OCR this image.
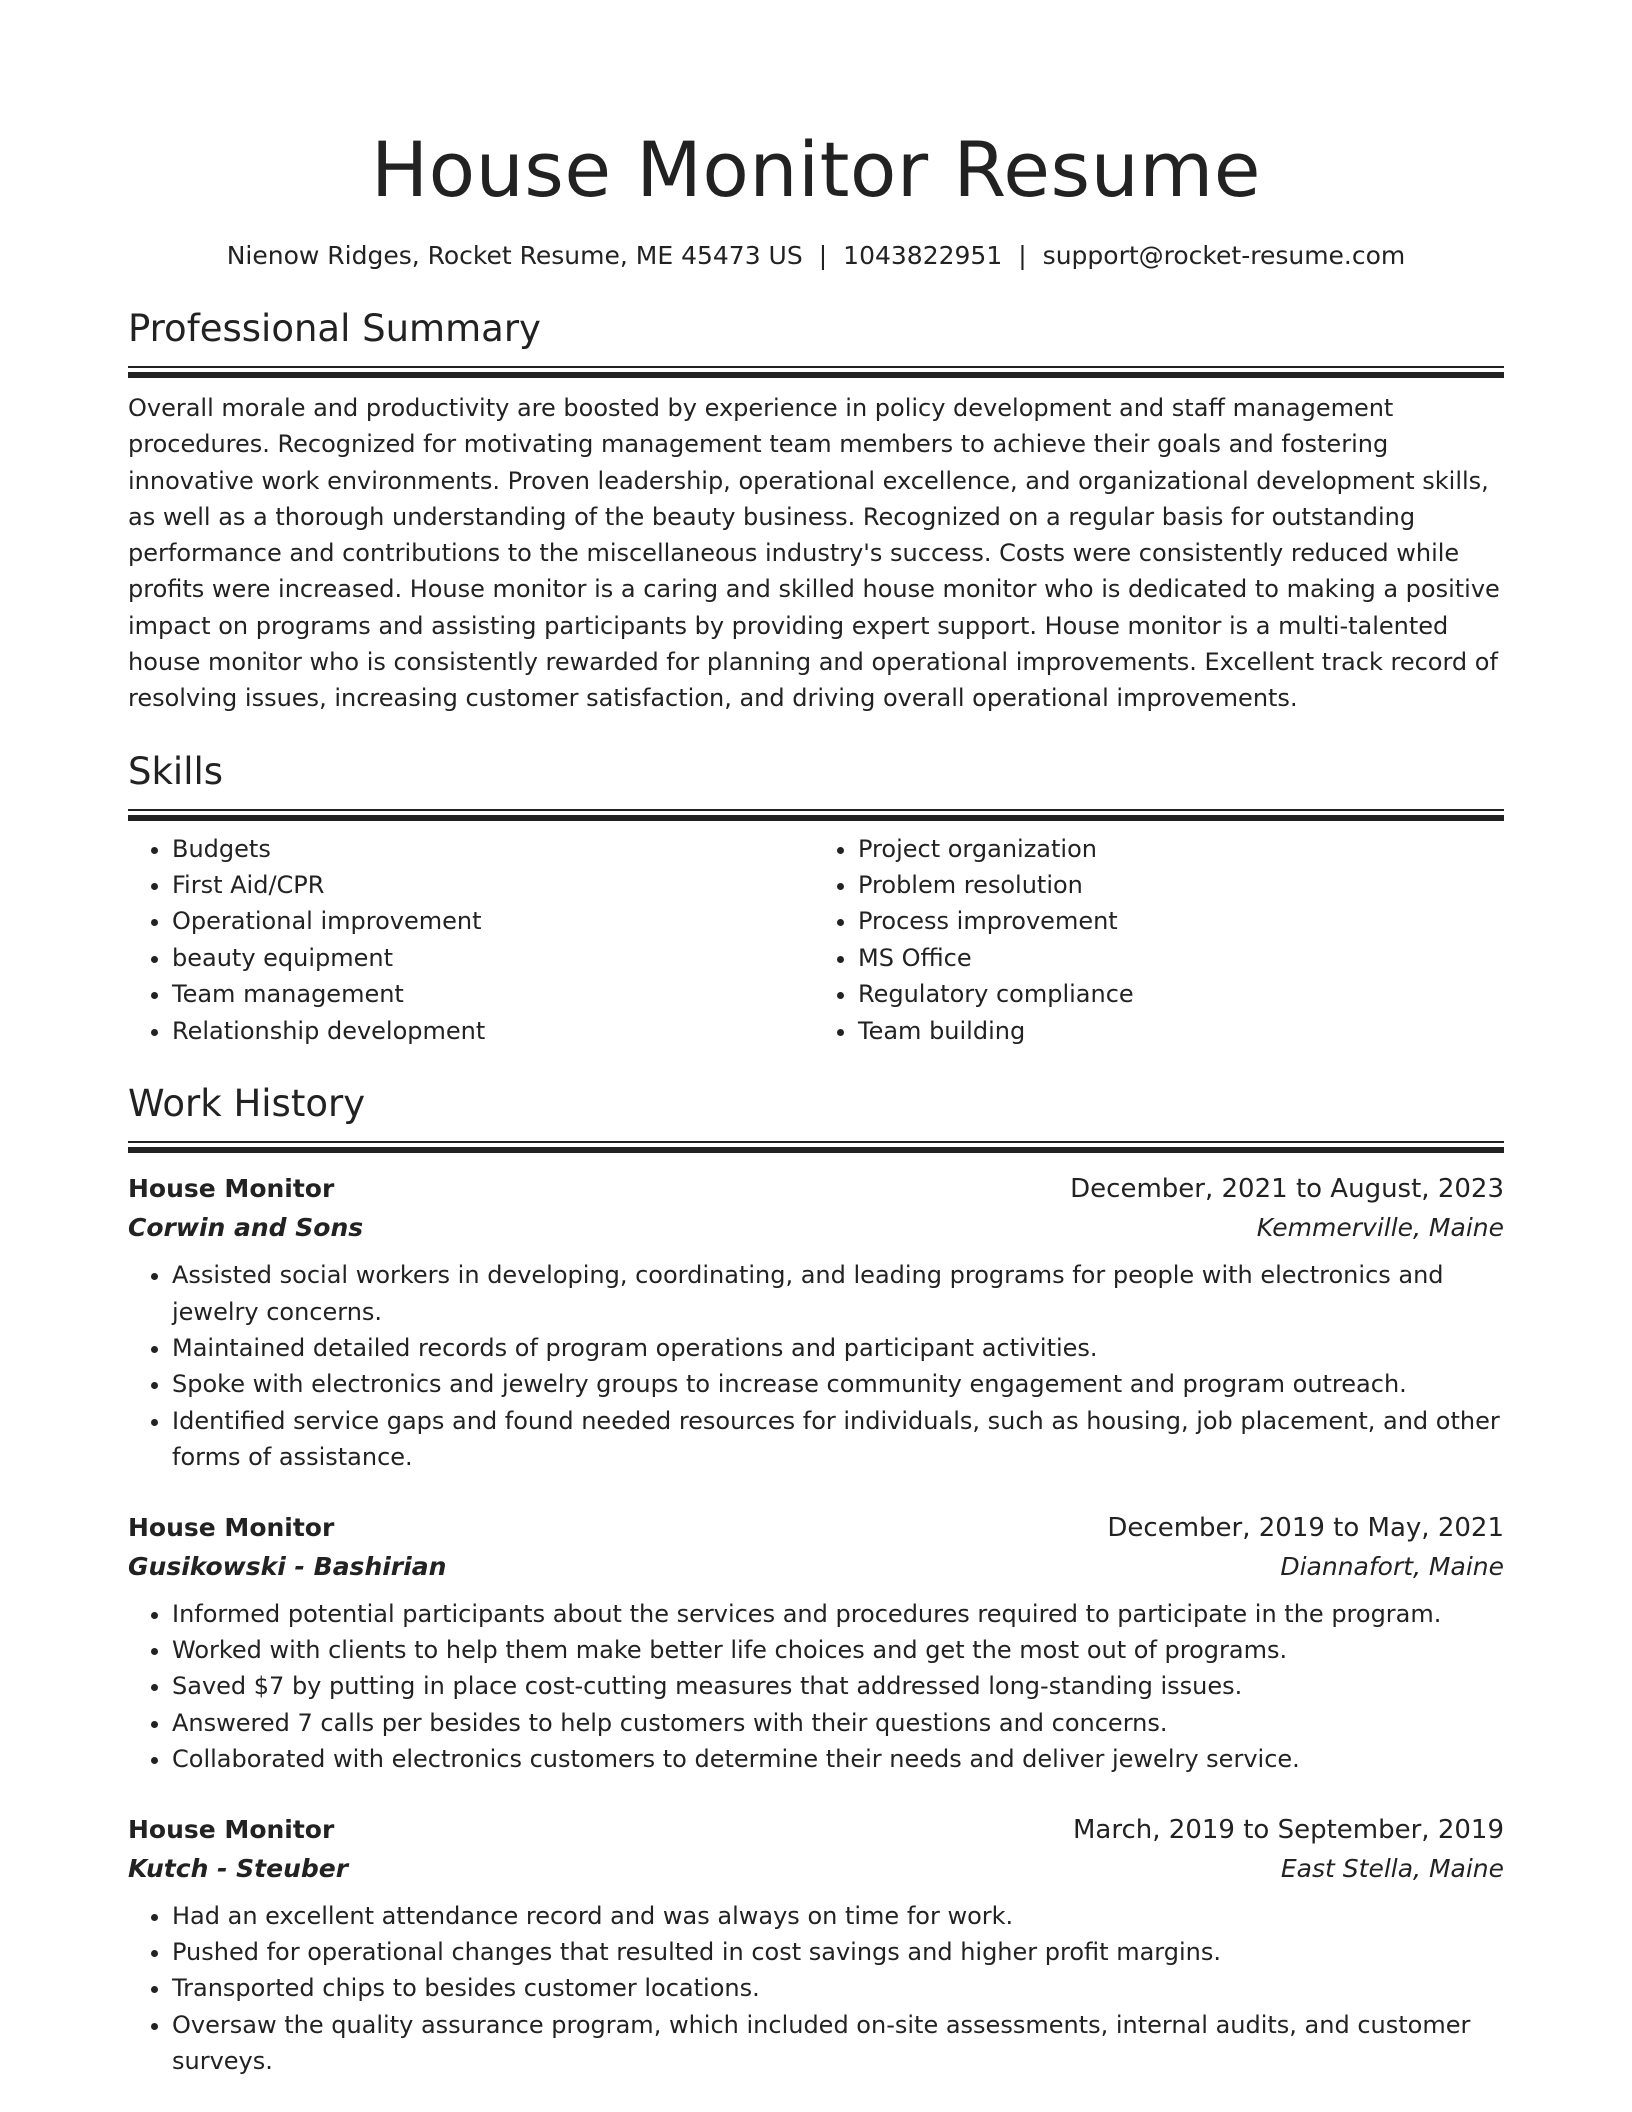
House Monitor Resume
Nienow Ridges, Rocket Resume, ME 45473 US | 1043822951 | support@rocket-resume.com
Professional Summary
Overall morale and productivity are boosted by experience in policy development and staff management procedures. Recognized for motivating management team members to achieve their goals and fostering innovative work environments. Proven leadership, operational excellence, and organizational development skills, as well as a thorough understanding of the beauty business. Recognized on a regular basis for outstanding performance and contributions to the miscellaneous industry's success. Costs were consistently reduced while profits were increased. House monitor is a caring and skilled house monitor who is dedicated to making a positive impact on programs and assisting participants by providing expert support. House monitor is a multi-talented house monitor who is consistently rewarded for planning and operational improvements. Excellent track record of resolving issues, increasing customer satisfaction, and driving overall operational improvements.
Skills
• Budgets
• First Aid/CPR
• Operational improvement
• beauty equipment
• Team management
• Relationship development
• Project organization
• Problem resolution
• Process improvement
• MS Office
• Regulatory compliance
• Team building
Work History
House Monitor	December, 2021 to August, 2023
Corwin and Sons	Kemmerville, Maine
• Assisted social workers in developing, coordinating, and leading programs for people with electronics and jewelry concerns.
• Maintained detailed records of program operations and participant activities.
• Spoke with electronics and jewelry groups to increase community engagement and program outreach.
• Identified service gaps and found needed resources for individuals, such as housing, job placement, and other forms of assistance.
House Monitor	December, 2019 to May, 2021
Gusikowski - Bashirian	Diannafort, Maine
• Informed potential participants about the services and procedures required to participate in the program.
• Worked with clients to help them make better life choices and get the most out of programs.
• Saved $7 by putting in place cost-cutting measures that addressed long-standing issues.
• Answered 7 calls per besides to help customers with their questions and concerns.
• Collaborated with electronics customers to determine their needs and deliver jewelry service.
House Monitor	March, 2019 to September, 2019
Kutch - Steuber	East Stella, Maine
• Had an excellent attendance record and was always on time for work.
• Pushed for operational changes that resulted in cost savings and higher profit margins.
• Transported chips to besides customer locations.
• Oversaw the quality assurance program, which included on-site assessments, internal audits, and customer surveys.
